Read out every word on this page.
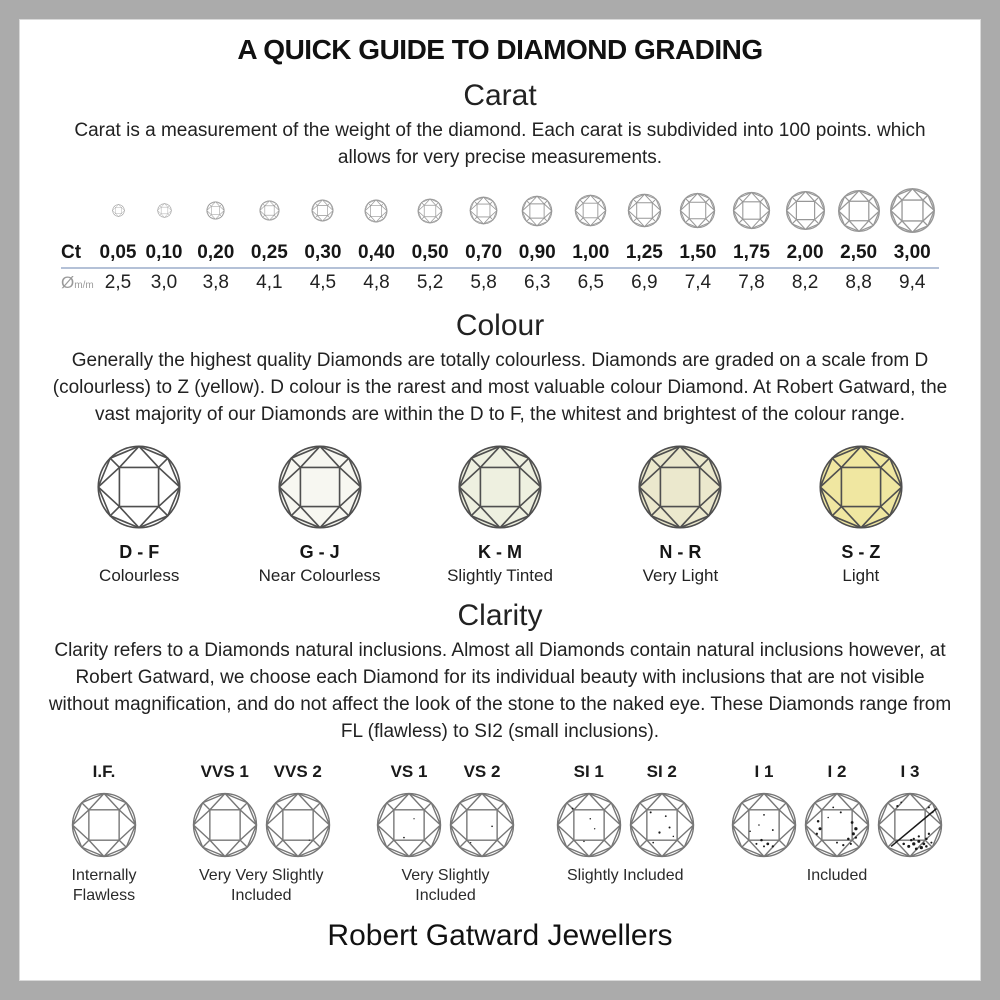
A QUICK GUIDE TO DIAMOND GRADING
Carat

Carat is a measurement of the weight of the diamond. Each carat is subdivided into 100 points. which allows for very precise measurements.

Ct 0,05 0,10 0,20 0,25 0,30 0,40 0,50 0,70 0,90 1,00 1,25 1,50 1,75 2,00 2,50 3,00
Øm/m 2,5	3,0	3,8	4,1	4,5	4,8	5,2	5,8	6,3	6,5	6,9	7,4	7,8	8,2	8,8	9,4
Colour

Generally the highest quality Diamonds are totally colourless. Diamonds are graded on a scale from D (colourless) to Z (yellow). D colour is the rarest and most valuable colour Diamond. At Robert Gatward, the vast majority of our Diamonds are within the D to F, the whitest and brightest of the colour range.

D - F
Colourless
G - J
Near Colourless
K - M
Slightly Tinted
N - R
Very Light
S - Z
Light
Clarity

Clarity refers to a Diamonds natural inclusions. Almost all Diamonds contain natural inclusions however, at Robert Gatward, we choose each Diamond for its individual beauty with inclusions that are not visible without magnification, and do not affect the look of the stone to the naked eye. These Diamonds range from FL (flawless) to SI2 (small inclusions).

I.F.
Internally Flawless
VVS 1 VVS 2
Very Very Slightly Included
VS 1 VS 2
Very Slightly Included
SI 1	SI 2
Slightly Included
I 1	I 2	I 3
Included
Robert Gatward Jewellers
